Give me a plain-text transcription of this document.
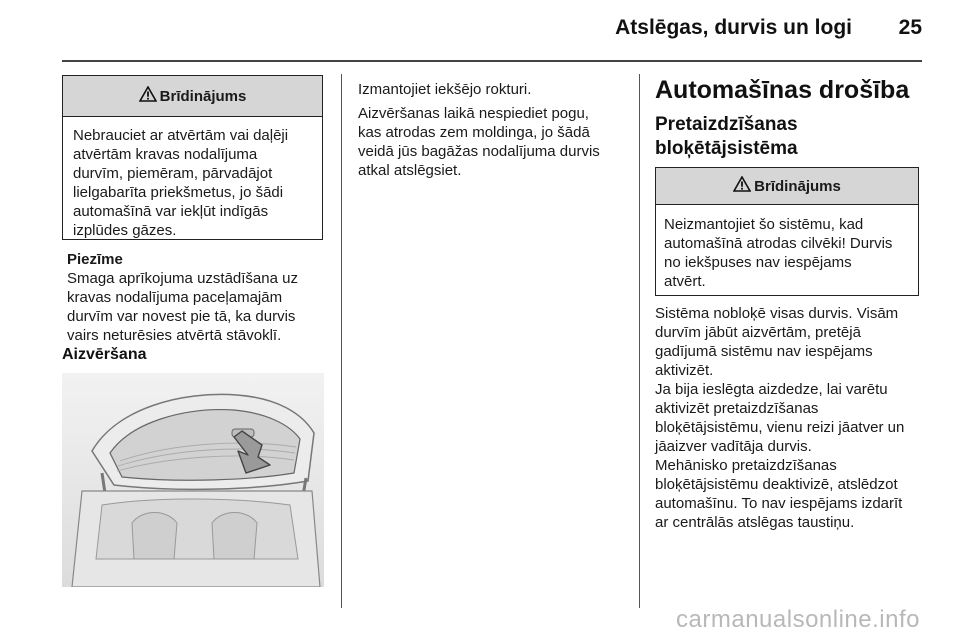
Atslēgas, durvis un logi 25
Brīdinājums
Nebrauciet ar atvērtām vai daļēji
atvērtām kravas nodalījuma
durvīm, piemēram, pārvadājot
lielgabarīta priekšmetus, jo šādi
automašīnā var iekļūt indīgās
izplūdes gāzes.
Piezīme
Smaga aprīkojuma uzstādīšana uz
kravas nodalījuma paceļamajām
durvīm var novest pie tā, ka durvis
vairs neturēsies atvērtā stāvoklī.
Aizvēršana
Izmantojiet iekšējo rokturi.
Aizvēršanas laikā nespiediet pogu,
kas atrodas zem moldinga, jo šādā
veidā jūs bagāžas nodalījuma durvis
atkal atslēgsiet.
Automašīnas drošība
Pretaizdzīšanas
bloķētājsistēma
Brīdinājums
Neizmantojiet šo sistēmu, kad
automašīnā atrodas cilvēki! Durvis
no iekšpuses nav iespējams
atvērt.
Sistēma nobloķē visas durvis. Visām
durvīm jābūt aizvērtām, pretējā
gadījumā sistēmu nav iespējams
aktivizēt.
Ja bija ieslēgta aizdedze, lai varētu
aktivizēt pretaizdzīšanas
bloķētājsistēmu, vienu reizi jāatver un
jāaizver vadītāja durvis.
Mehānisko pretaizdzīšanas
bloķētājsistēmu deaktivizē, atslēdzot
automašīnu. To nav iespējams izdarīt
ar centrālās atslēgas taustiņu.
carmanualsonline.info
